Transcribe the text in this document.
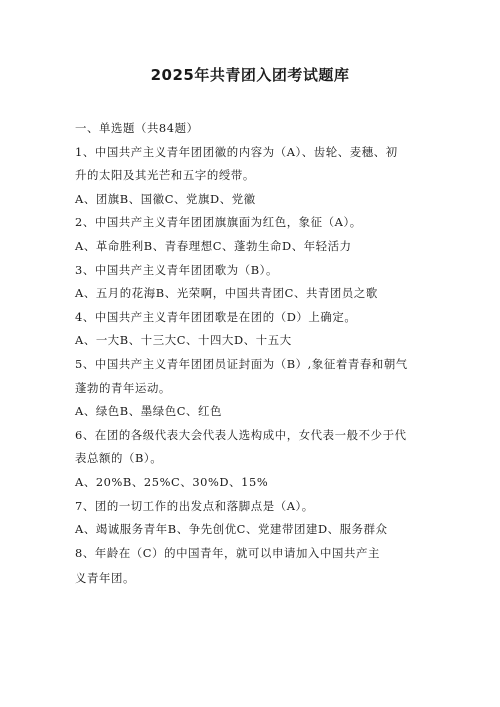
2025年共青团入团考试题库
一、单选题（共84题）
1、中国共产主义青年团团徽的内容为（A）、齿轮、麦穗、初
升的太阳及其光芒和五字的绶带。
A、团旗B、国徽C、党旗D、党徽
2、中国共产主义青年团团旗旗面为红色，象征（A）。
A、革命胜利B、青春理想C、蓬勃生命D、年轻活力
3、中国共产主义青年团团歌为（B）。
A、五月的花海B、光荣啊，中国共青团C、共青团员之歌
4、中国共产主义青年团团歌是在团的（D）上确定。
A、一大B、十三大C、十四大D、十五大
5、中国共产主义青年团团员证封面为（B）,象征着青春和朝气
蓬勃的青年运动。
A、绿色B、墨绿色C、红色
6、在团的各级代表大会代表人选构成中，女代表一般不少于代
表总额的（B）。
A、20%B、25%C、30%D、15%
7、团的一切工作的出发点和落脚点是（A）。
A、竭诚服务青年B、争先创优C、党建带团建D、服务群众
8、年龄在（C）的中国青年，就可以申请加入中国共产主
义青年团。
